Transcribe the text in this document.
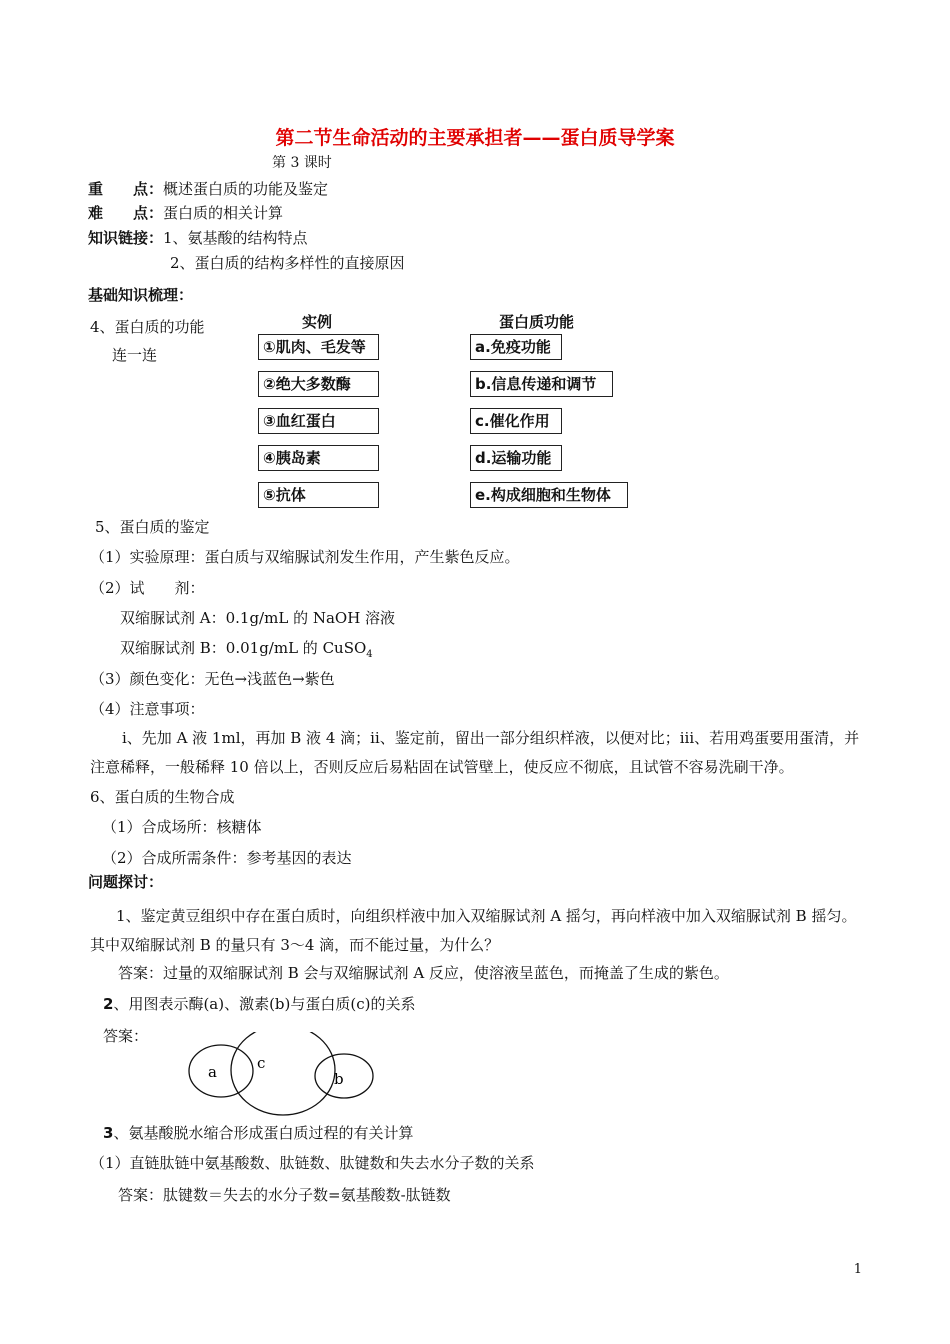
第二节生命活动的主要承担者——蛋白质导学案
第 3 课时
重　　点：概述蛋白质的功能及鉴定
难　　点：蛋白质的相关计算
知识链接：1、氨基酸的结构特点
2、蛋白质的结构多样性的直接原因
基础知识梳理：
4、蛋白质的功能
连一连
实例	蛋白质功能
①肌肉、毛发等
②绝大多数酶
③血红蛋白
④胰岛素
⑤抗体
a.免疫功能
b.信息传递和调节
c.催化作用
d.运输功能
e.构成细胞和生物体
5、蛋白质的鉴定
（1）实验原理：蛋白质与双缩脲试剂发生作用，产生紫色反应。
（2）试　　剂：
双缩脲试剂 A：0.1g/mL 的 NaOH 溶液
双缩脲试剂 B：0.01g/mL 的 CuSO$_4$
（3）颜色变化：无色→浅蓝色→紫色
（4）注意事项：
ⅰ、先加 A 液 1ml，再加 B 液 4 滴；ⅱ、鉴定前，留出一部分组织样液，以便对比；ⅲ、若用鸡蛋要用蛋清，并注意稀释，一般稀释 10 倍以上，否则反应后易粘固在试管壁上，使反应不彻底，且试管不容易洗刷干净。
6、蛋白质的生物合成
（1）合成场所：核糖体
（2）合成所需条件：参考基因的表达
问题探讨：
1、鉴定黄豆组织中存在蛋白质时，向组织样液中加入双缩脲试剂 A 摇匀，再向样液中加入双缩脲试剂 B 摇匀。其中双缩脲试剂 B 的量只有 3～4 滴，而不能过量，为什么？
答案：过量的双缩脲试剂 B 会与双缩脲试剂 A 反应，使溶液呈蓝色，而掩盖了生成的紫色。
2、用图表示酶(a)、激素(b)与蛋白质(c)的关系
答案：
a	c
b
3、氨基酸脱水缩合形成蛋白质过程的有关计算
（1）直链肽链中氨基酸数、肽链数、肽键数和失去水分子数的关系
答案：肽键数＝失去的水分子数=氨基酸数-肽链数
1
